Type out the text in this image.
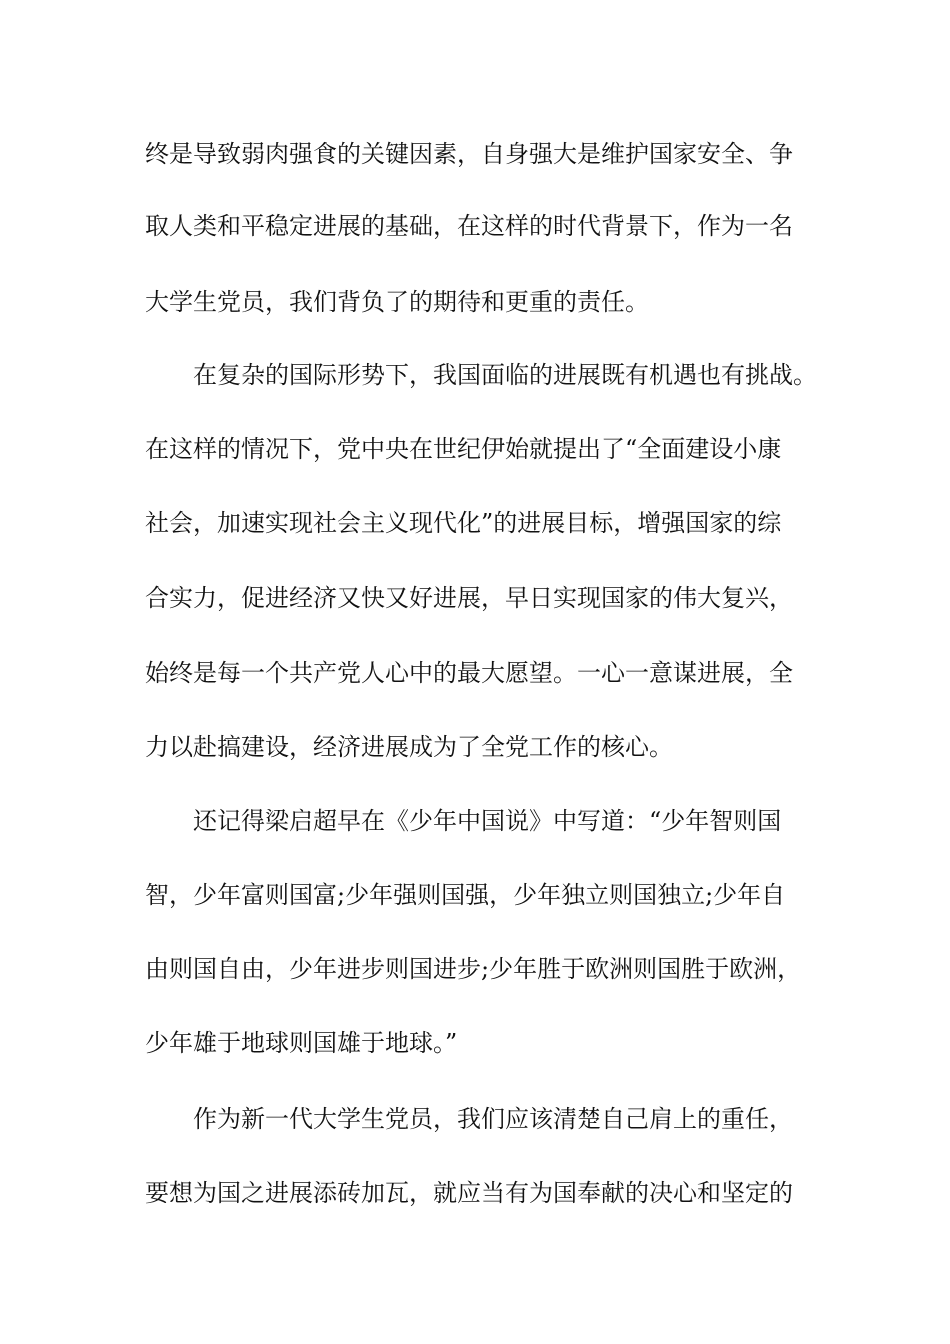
终是导致弱肉强食的关键因素，自身强大是维护国家安全、争
取人类和平稳定进展的基础，在这样的时代背景下，作为一名
大学生党员，我们背负了的期待和更重的责任。
在复杂的国际形势下，我国面临的进展既有机遇也有挑战。
在这样的情况下，党中央在世纪伊始就提出了“全面建设小康
社会，加速实现社会主义现代化”的进展目标，增强国家的综
合实力，促进经济又快又好进展，早日实现国家的伟大复兴，
始终是每一个共产党人心中的最大愿望。一心一意谋进展，全
力以赴搞建设，经济进展成为了全党工作的核心。
还记得梁启超早在《少年中国说》中写道：“少年智则国
智，少年富则国富;少年强则国强，少年独立则国独立;少年自
由则国自由，少年进步则国进步;少年胜于欧洲则国胜于欧洲，
少年雄于地球则国雄于地球。”
作为新一代大学生党员，我们应该清楚自己肩上的重任，
要想为国之进展添砖加瓦，就应当有为国奉献的决心和坚定的
